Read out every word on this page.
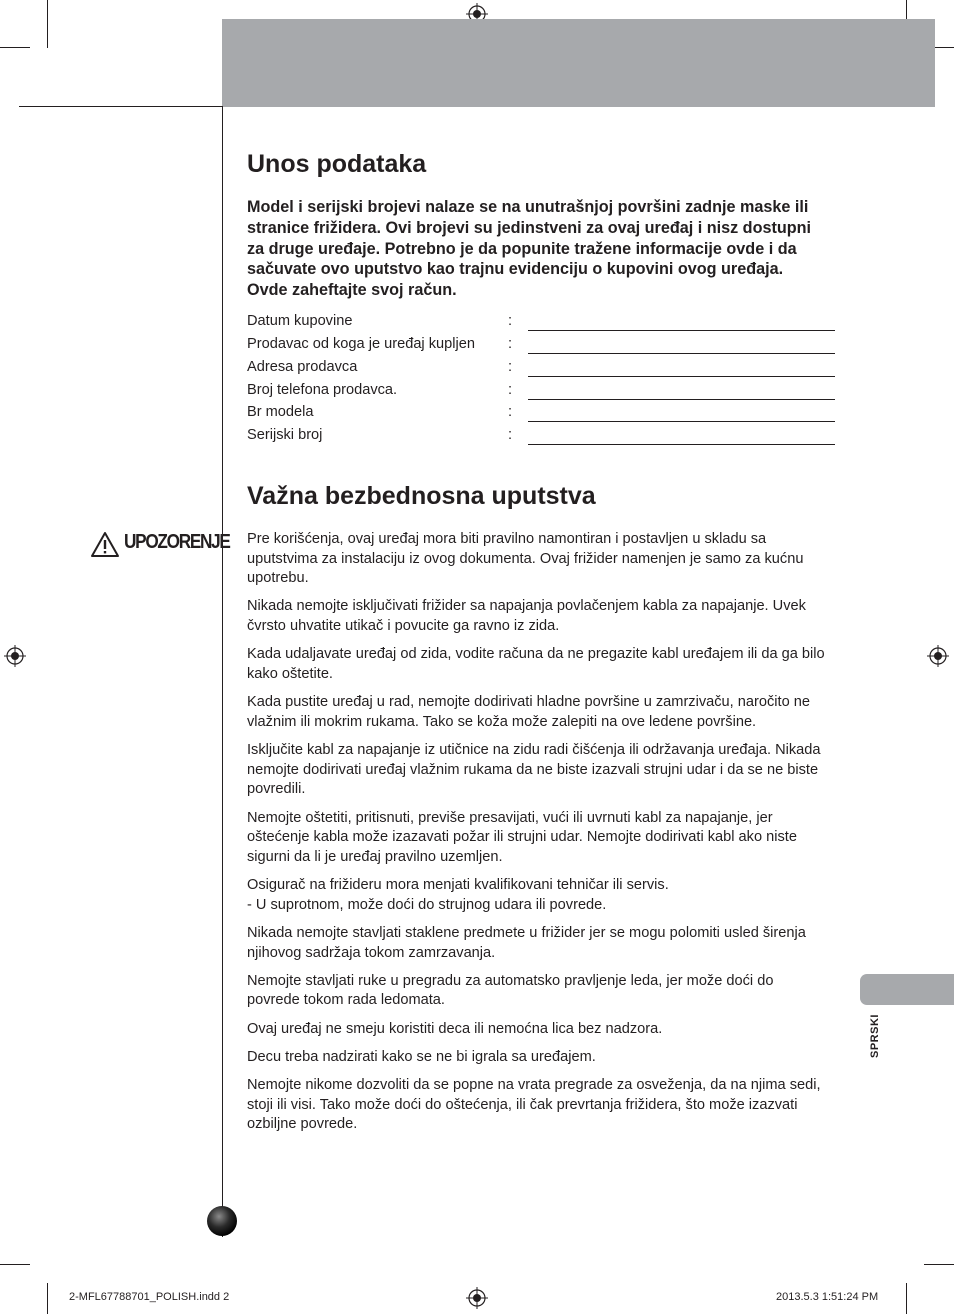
Unos podataka
Model i serijski brojevi nalaze se na unutrašnjoj površini zadnje maske ili
stranice frižidera. Ovi brojevi su jedinstveni za ovaj uređaj i nisz dostupni
za druge uređaje. Potrebno je da popunite tražene informacije ovde i da
sačuvate ovo uputstvo kao trajnu evidenciju o kupovini ovog uređaja.
Ovde zaheftajte svoj račun.
Datum kupovine	:
Prodavac od koga je uređaj kupljen :
Adresa prodavca	:
Broj telefona prodavca.	:
Br modela	:
Serijski broj	:
Važna bezbednosna uputstva
UPOZORENJE Pre korišćenja, ovaj uređaj mora biti pravilno namontiran i postavljen u skladu sa
uputstvima za instalaciju iz ovog dokumenta. Ovaj frižider namenjen je samo za kućnu
upotrebu.

Nikada nemojte isključivati frižider sa napajanja povlačenjem kabla za napajanje. Uvek
čvrsto uhvatite utikač i povucite ga ravno iz zida.

Kada udaljavate uređaj od zida, vodite računa da ne pregazite kabl uređajem ili da ga bilo
kako oštetite.

Kada pustite uređaj u rad, nemojte dodirivati hladne površine u zamrzivaču, naročito ne
vlažnim ili mokrim rukama. Tako se koža može zalepiti na ove ledene površine.

Isključite kabl za napajanje iz utičnice na zidu radi čišćenja ili održavanja uređaja. Nikada
nemojte dodirivati uređaj vlažnim rukama da ne biste izazvali strujni udar i da se ne biste
povredili.

Nemojte oštetiti, pritisnuti, previše presavijati, vući ili uvrnuti kabl za napajanje, jer
oštećenje kabla može izazavati požar ili strujni udar. Nemojte dodirivati kabl ako niste
sigurni da li je uređaj pravilno uzemljen.

Osigurač na frižideru mora menjati kvalifikovani tehničar ili servis.
- U suprotnom, može doći do strujnog udara ili povrede.

Nikada nemojte stavljati staklene predmete u frižider jer se mogu polomiti usled širenja
njihovog sadržaja tokom zamrzavanja.

Nemojte stavljati ruke u pregradu za automatsko pravljenje leda, jer može doći do
povrede tokom rada ledomata.

Ovaj uređaj ne smeju koristiti deca ili nemoćna lica bez nadzora.

Decu treba nadzirati kako se ne bi igrala sa uređajem.

Nemojte nikome dozvoliti da se popne na vrata pregrade za osveženja, da na njima sedi,
stoji ili visi. Tako može doći do oštećenja, ili čak prevrtanja frižidera, što može izazvati
ozbiljne povrede.

SPRSKI
2-MFL67788701_POLISH.indd 2	2013.5.3 1:51:24 PM
